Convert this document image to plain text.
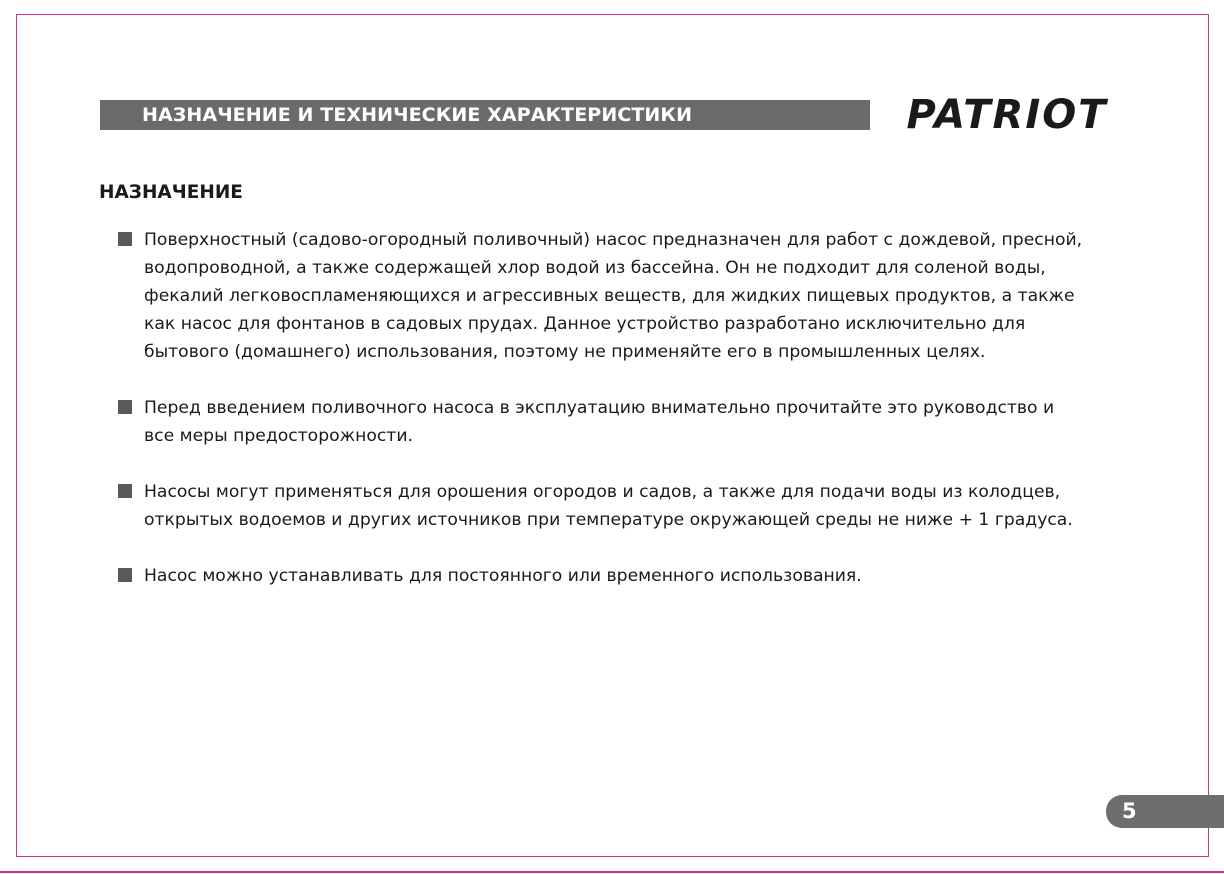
НАЗНАЧЕНИЕ И ТЕХНИЧЕСКИЕ ХАРАКТЕРИСТИКИ	PATRIOT
НАЗНАЧЕНИЕ
Поверхностный (садово-огородный поливочный) насос предназначен для работ с дождевой, пресной,
водопроводной, а также содержащей хлор водой из бассейна. Он не подходит для соленой воды,
фекалий легковоспламеняющихся и агрессивных веществ, для жидких пищевых продуктов, а также
как насос для фонтанов в садовых прудах. Данное устройство разработано исключительно для
бытового (домашнего) использования, поэтому не применяйте его в промышленных целях.
Перед введением поливочного насоса в эксплуатацию внимательно прочитайте это руководство и
все меры предосторожности.
Насосы могут применяться для орошения огородов и садов, а также для подачи воды из колодцев,
открытых водоемов и других источников при температуре окружающей среды не ниже + 1 градуса.
Насос можно устанавливать для постоянного или временного использования.
5
